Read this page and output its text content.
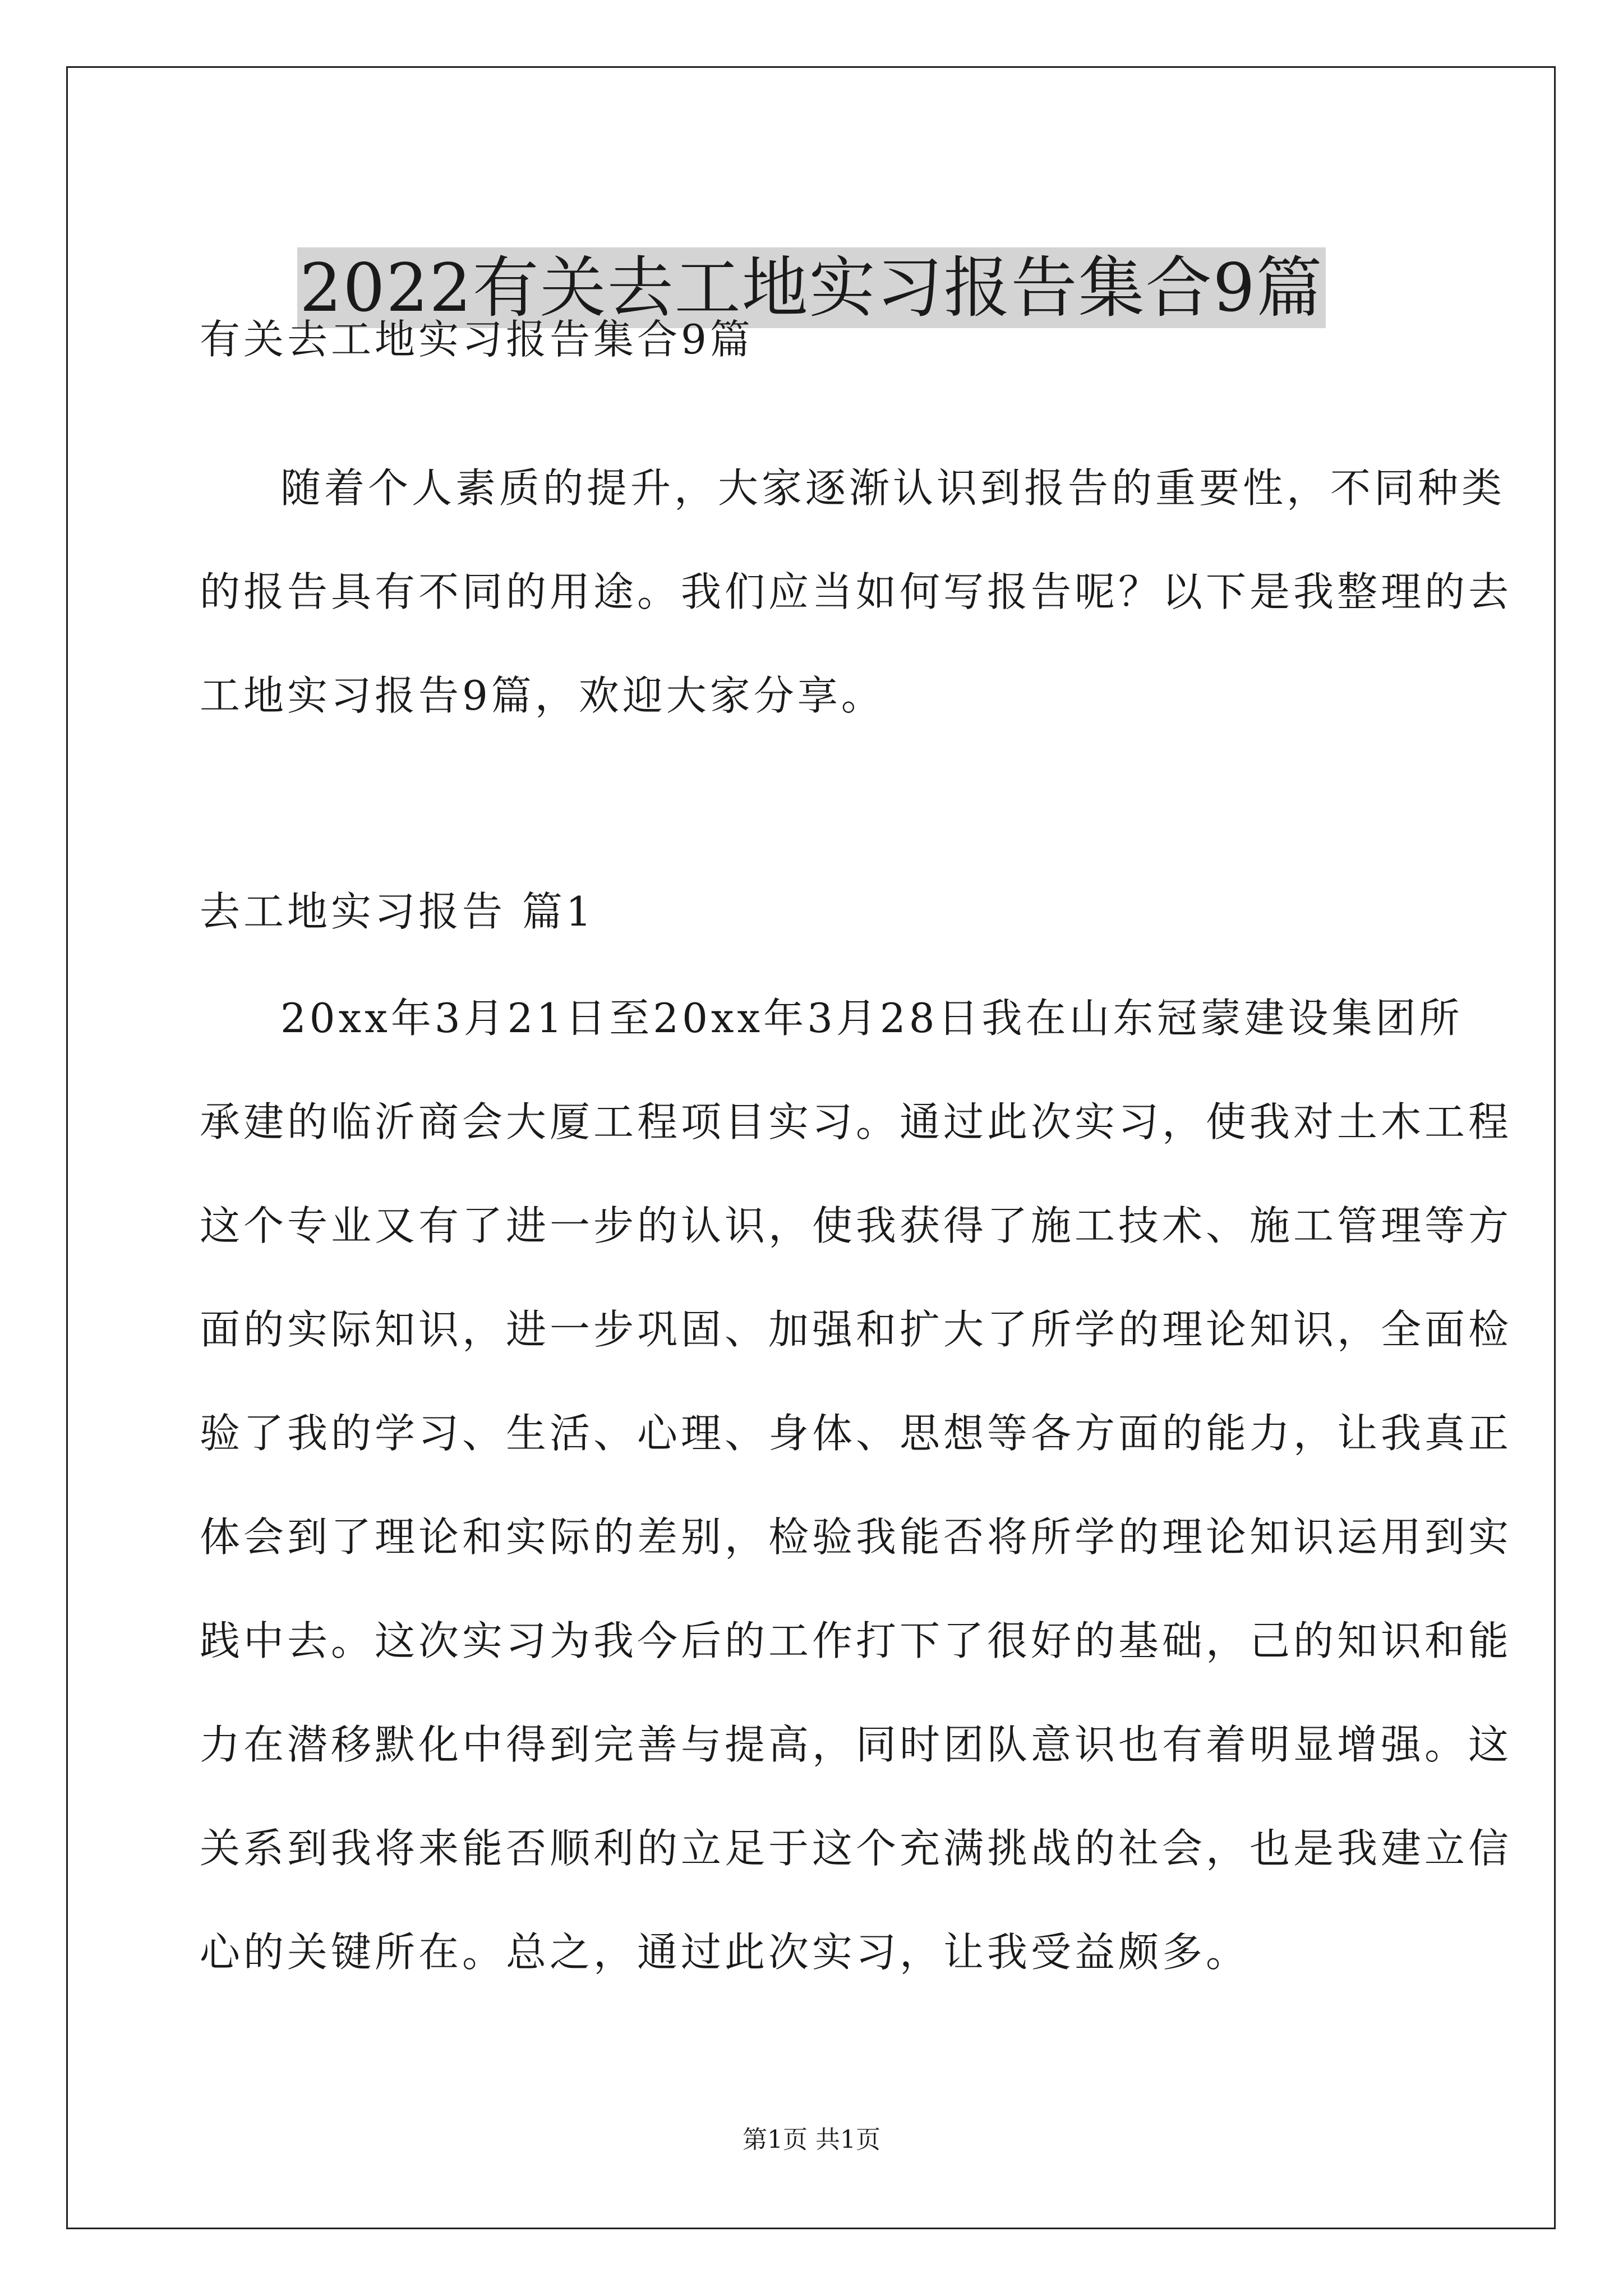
2022有关去工地实习报告集合9篇
有关去工地实习报告集合9篇
随着个人素质的提升，大家逐渐认识到报告的重要性，不同种类
的报告具有不同的用途。我们应当如何写报告呢？以下是我整理的去
工地实习报告9篇，欢迎大家分享。
去工地实习报告 篇1
20xx年3月21日至20xx年3月28日我在山东冠蒙建设集团所
承建的临沂商会大厦工程项目实习。通过此次实习，使我对土木工程
这个专业又有了进一步的认识，使我获得了施工技术、施工管理等方
面的实际知识，进一步巩固、加强和扩大了所学的理论知识，全面检
验了我的学习、生活、心理、身体、思想等各方面的能力，让我真正
体会到了理论和实际的差别，检验我能否将所学的理论知识运用到实
践中去。这次实习为我今后的工作打下了很好的基础，己的知识和能
力在潜移默化中得到完善与提高，同时团队意识也有着明显增强。这
关系到我将来能否顺利的立足于这个充满挑战的社会，也是我建立信
心的关键所在。总之，通过此次实习，让我受益颇多。
第1页 共1页
